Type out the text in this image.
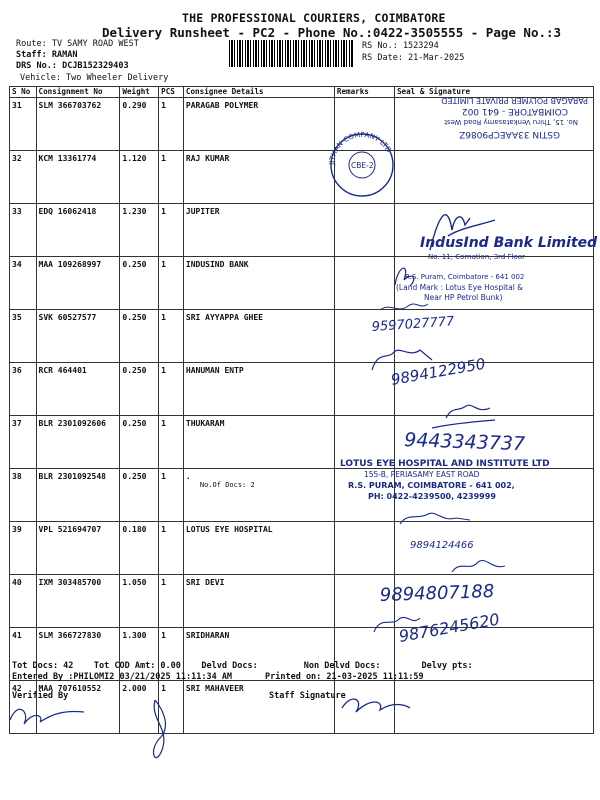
THE PROFESSIONAL COURIERS, COIMBATORE
Delivery Runsheet - PC2 - Phone No.:0422-3505555 - Page No.:3
Route: TV SAMY ROAD WEST
Staff: RAMAN
DRS No.: DCJB152329403
Vehicle: Two Wheeler Delivery
RS No.: 1523294
RS Date: 21-Mar-2025
S No	Consignment No	Weight	PCS	Consignee Details	Remarks	Seal & Signature
31	SLM 366703762	0.290	1	PARAGAB POLYMER		
32	KCM 13361774	1.120	1	RAJ KUMAR		
33	EDQ 16062418	1.230	1	JUPITER		
34	MAA 109268997	0.250	1	INDUSIND BANK		
35	SVK 60527577	0.250	1	SRI AYYAPPA GHEE		
36	RCR 464401	0.250	1	HANUMAN ENTP		
37	BLR 2301092606	0.250	1	THUKARAM		
38	BLR 2301092548	0.250	1	.
No.Of Docs: 2		

39	VPL 521694707	0.180	1	LOTUS EYE HOSPITAL		
40	IXM 303485700	1.050	1	SRI DEVI		
41	SLM 366727830	1.300	1	SRIDHARAN		
42	MAA 707610552	2.000	1	SRI MAHAVEER		
GSTIN 33AAECP9086Z
No. 15, Thiru Venkatasamy Road West
COIMBATORE - 641 002
PARAGAB POLYMER PRIVATE LIMITED
JITHAN COMPANY LTD
CBE-2
IndusInd Bank Limited
No. 11, Cornation, 3rd Floor
R.S. Puram, Coimbatore - 641 002
(Land Mark : Lotus Eye Hospital &
Near HP Petrol Bunk)
9597027777
9894122950
9443343737
LOTUS EYE HOSPITAL AND INSTITUTE LTD
155-B, PERIASAMY EAST ROAD
R.S. PURAM, COIMBATORE - 641 002,
PH: 0422-4239500, 4239999
9894124466
9894807188
9876245620
Tot Docs: 42 Tot COD Amt: 0.00 Delvd Docs:	Non Delvd Docs:	Delvy pts:
Entered By :PHILOMI2 03/21/2025 11:11:34 AM	Printed on: 21-03-2025 11:11:59
Verified By	Staff Signature
